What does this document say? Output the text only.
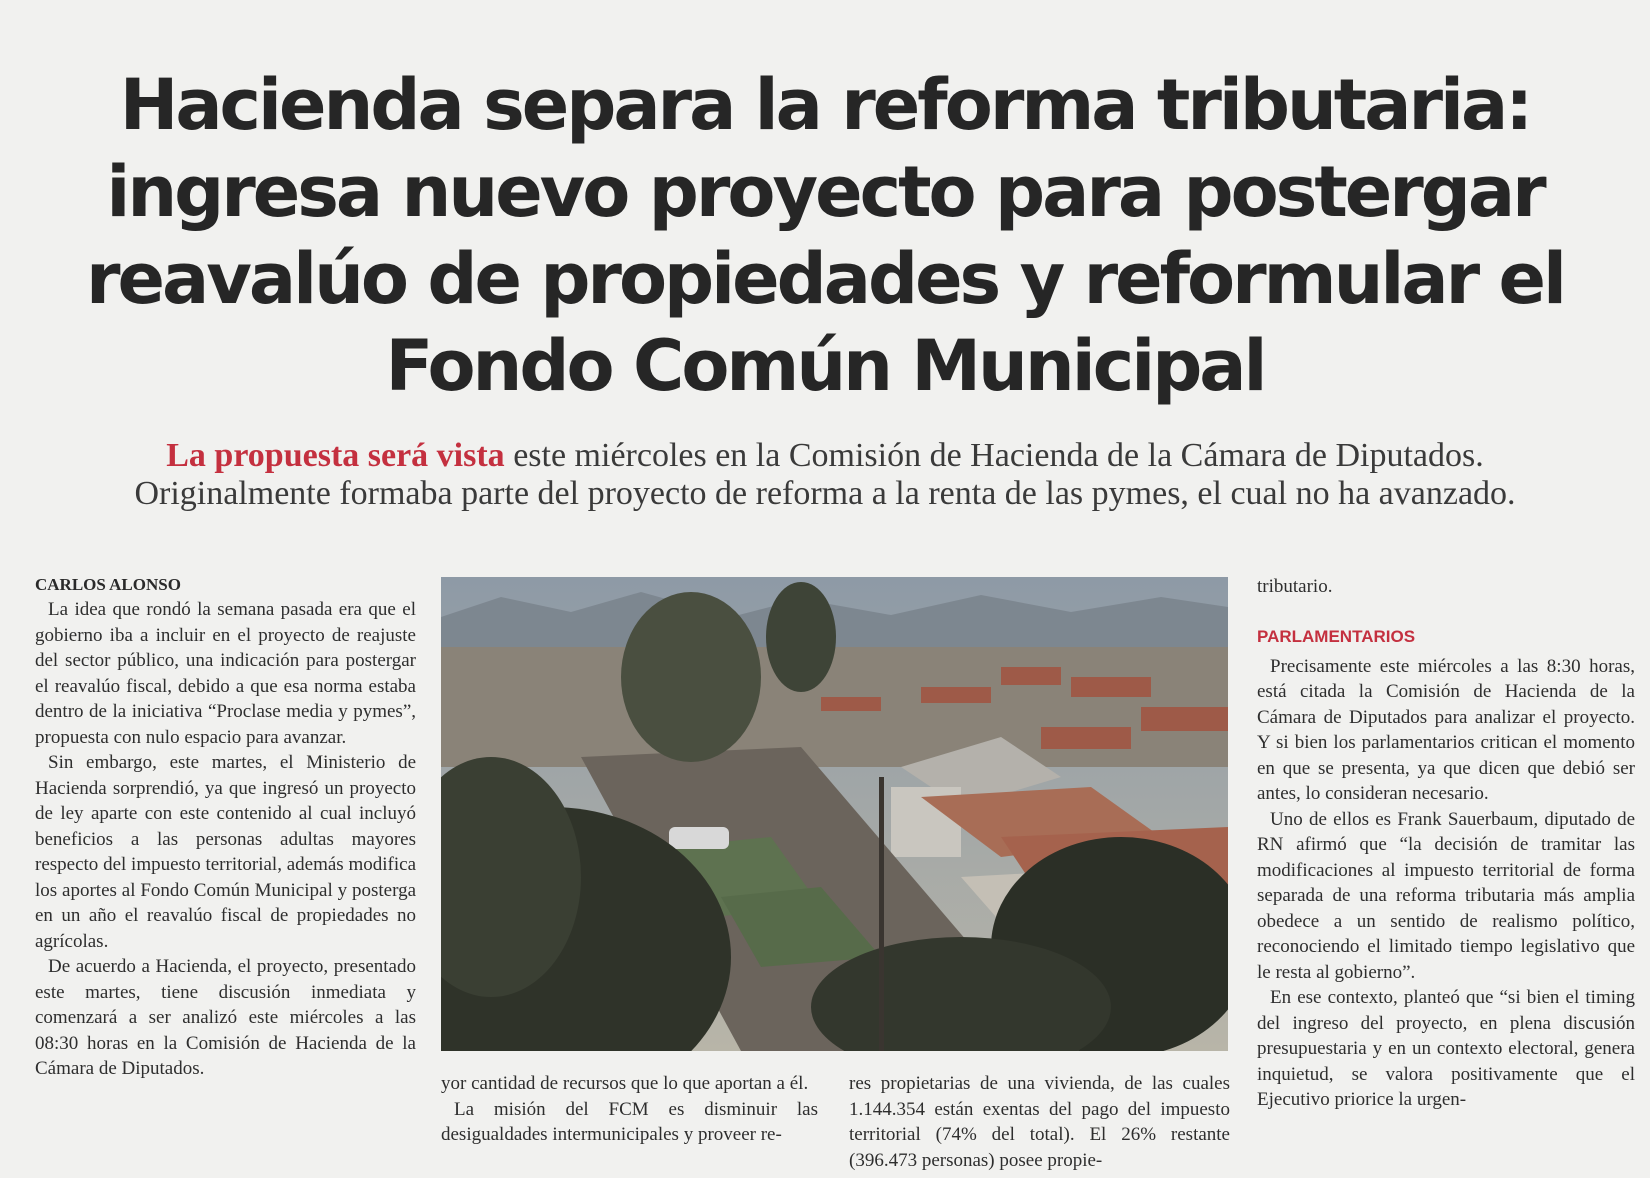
Hacienda separa la reforma tributaria:
ingresa nuevo proyecto para postergar
reavalúo de propiedades y reformular el
Fondo Común Municipal
La propuesta será vista este miércoles en la Comisión de Hacienda de la Cámara de Diputados.
Originalmente formaba parte del proyecto de reforma a la renta de las pymes, el cual no ha avanzado.

CARLOS ALONSO

La idea que rondó la semana pasada era que el gobierno iba a incluir en el proyecto de reajuste del sector público, una indicación para postergar el reavalúo fiscal, debido a que esa norma estaba dentro de la iniciativa “Proclase media y pymes”, propuesta con nulo espacio para avanzar.

Sin embargo, este martes, el Ministerio de Hacienda sorprendió, ya que ingresó un proyecto de ley aparte con este contenido al cual incluyó beneficios a las personas adultas mayores respecto del impuesto territorial, además modifica los aportes al Fondo Común Municipal y posterga en un año el reavalúo fiscal de propiedades no agrícolas.

De acuerdo a Hacienda, el proyecto, presentado este martes, tiene discusión inmediata y comenzará a ser analizó este miércoles a las 08:30 horas en la Comisión de Hacienda de la Cámara de Diputados.

yor cantidad de recursos que lo que aportan a él.

La misión del FCM es disminuir las desigualdades intermunicipales y proveer re-

res propietarias de una vivienda, de las cuales 1.144.354 están exentas del pago del impuesto territorial (74% del total). El 26% restante (396.473 personas) posee propie-

tributario.

PARLAMENTARIOS

Precisamente este miércoles a las 8:30 horas, está citada la Comisión de Hacienda de la Cámara de Diputados para analizar el proyecto. Y si bien los parlamentarios critican el momento en que se presenta, ya que dicen que debió ser antes, lo consideran necesario.

Uno de ellos es Frank Sauerbaum, diputado de RN afirmó que “la decisión de tramitar las modificaciones al impuesto territorial de forma separada de una reforma tributaria más amplia obedece a un sentido de realismo político, reconociendo el limitado tiempo legislativo que le resta al gobierno”.

En ese contexto, planteó que “si bien el timing del ingreso del proyecto, en plena discusión presupuestaria y en un contexto electoral, genera inquietud, se valora positivamente que el Ejecutivo priorice la urgen-
